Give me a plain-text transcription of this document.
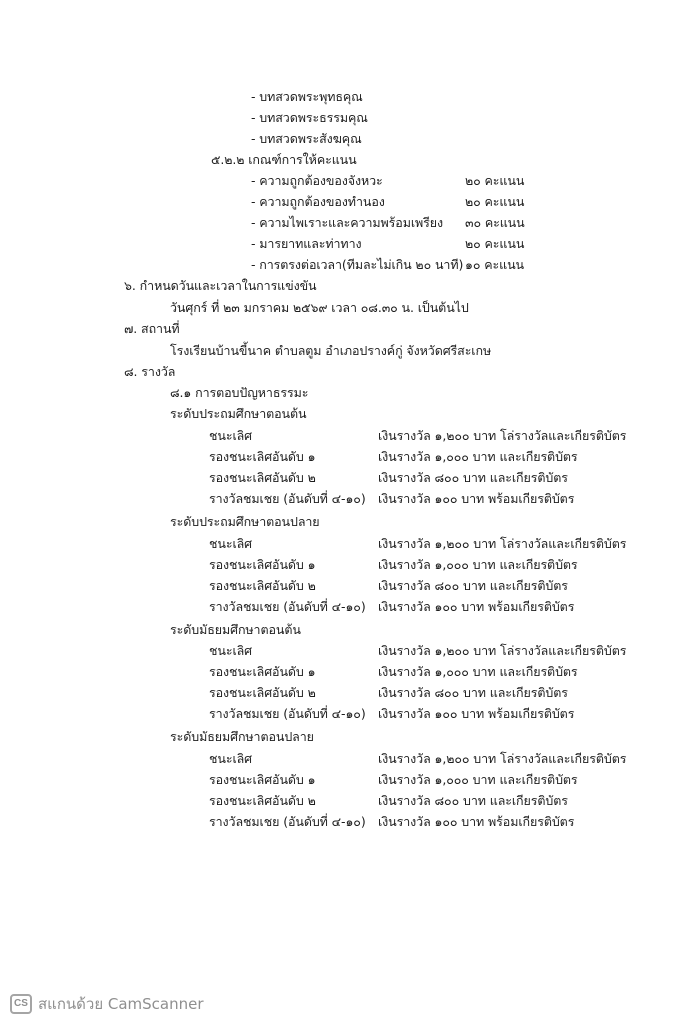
- บทสวดพระพุทธคุณ
- บทสวดพระธรรมคุณ
- บทสวดพระสังฆคุณ
๕.๒.๒ เกณฑ์การให้คะแนน
- ความถูกต้องของจังหวะ	๒๐ คะแนน
- ความถูกต้องของทำนอง	๒๐ คะแนน
- ความไพเราะและความพร้อมเพรียง ๓๐ คะแนน
- มารยาทและท่าทาง	๒๐ คะแนน
- การตรงต่อเวลา(ทีมละไม่เกิน ๒๐ นาที) ๑๐ คะแนน
๖. กำหนดวันและเวลาในการแข่งขัน
วันศุกร์ ที่ ๒๓ มกราคม ๒๕๖๙ เวลา ๐๘.๓๐ น. เป็นต้นไป
๗. สถานที่
โรงเรียนบ้านขี้นาค ตำบลตูม อำเภอปรางค์กู่ จังหวัดศรีสะเกษ
๘. รางวัล
๘.๑ การตอบปัญหาธรรมะ
ระดับประถมศึกษาตอนต้น
ชนะเลิศ	เงินรางวัล ๑,๒๐๐ บาท โล่รางวัลและเกียรติบัตร
รองชนะเลิศอันดับ ๑	เงินรางวัล ๑,๐๐๐ บาท และเกียรติบัตร
รองชนะเลิศอันดับ ๒	เงินรางวัล ๘๐๐ บาท และเกียรติบัตร
รางวัลชมเชย (อันดับที่ ๔-๑๐) เงินรางวัล ๑๐๐ บาท พร้อมเกียรติบัตร
ระดับประถมศึกษาตอนปลาย
ชนะเลิศ	เงินรางวัล ๑,๒๐๐ บาท โล่รางวัลและเกียรติบัตร
รองชนะเลิศอันดับ ๑	เงินรางวัล ๑,๐๐๐ บาท และเกียรติบัตร
รองชนะเลิศอันดับ ๒	เงินรางวัล ๘๐๐ บาท และเกียรติบัตร
รางวัลชมเชย (อันดับที่ ๔-๑๐) เงินรางวัล ๑๐๐ บาท พร้อมเกียรติบัตร
ระดับมัธยมศึกษาตอนต้น
ชนะเลิศ	เงินรางวัล ๑,๒๐๐ บาท โล่รางวัลและเกียรติบัตร
รองชนะเลิศอันดับ ๑	เงินรางวัล ๑,๐๐๐ บาท และเกียรติบัตร
รองชนะเลิศอันดับ ๒	เงินรางวัล ๘๐๐ บาท และเกียรติบัตร
รางวัลชมเชย (อันดับที่ ๔-๑๐) เงินรางวัล ๑๐๐ บาท พร้อมเกียรติบัตร
ระดับมัธยมศึกษาตอนปลาย
ชนะเลิศ	เงินรางวัล ๑,๒๐๐ บาท โล่รางวัลและเกียรติบัตร
รองชนะเลิศอันดับ ๑	เงินรางวัล ๑,๐๐๐ บาท และเกียรติบัตร
รองชนะเลิศอันดับ ๒	เงินรางวัล ๘๐๐ บาท และเกียรติบัตร
รางวัลชมเชย (อันดับที่ ๔-๑๐) เงินรางวัล ๑๐๐ บาท พร้อมเกียรติบัตร
CS สแกนด้วย CamScanner
